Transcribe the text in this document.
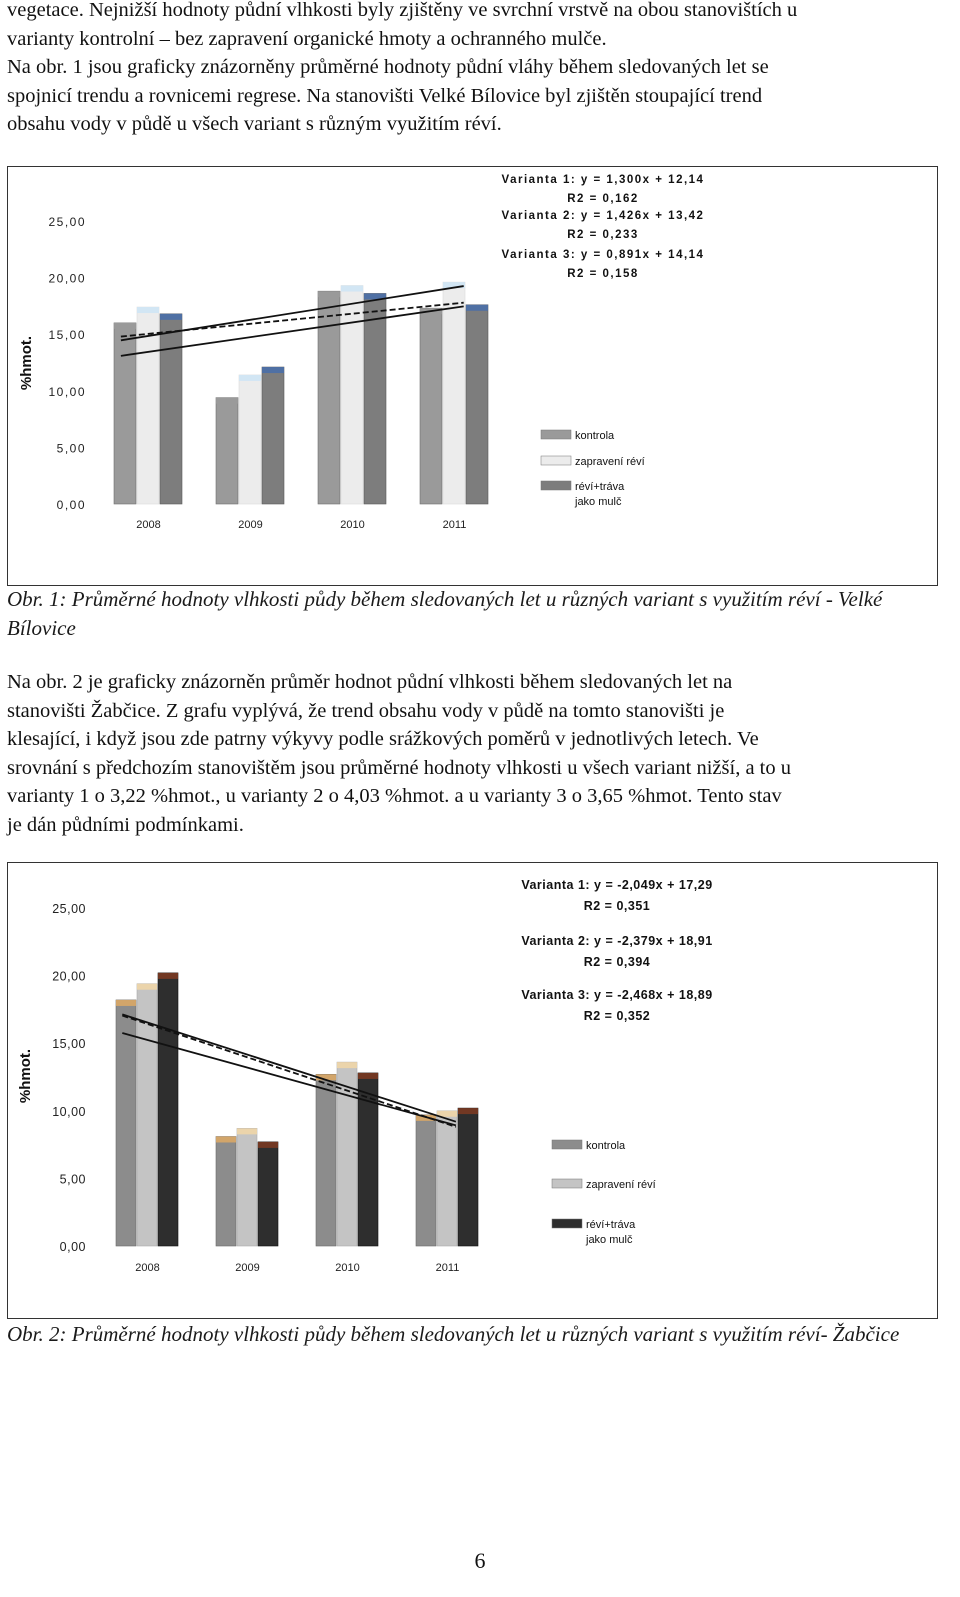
vegetace. Nejnižší hodnoty půdní vlhkosti byly zjištěny ve svrchní vrstvě na obou stanovištích u
varianty kontrolní – bez zapravení organické hmoty a ochranného mulče.
Na obr. 1 jsou graficky znázorněny průměrné hodnoty půdní vláhy během sledovaných let se
spojnicí trendu a rovnicemi regrese. Na stanovišti Velké Bílovice byl zjištěn stoupající trend
obsahu vody v půdě u všech variant s různým využitím réví.
0,00
5,00
10,00
15,00
20,00
25,00
%hmot.
2008	2009	2010	2011
Varianta 1: y = 1,300x + 12,14
R2 = 0,162
Varianta 2: y = 1,426x + 13,42
R2 = 0,233
Varianta 3: y = 0,891x + 14,14
R2 = 0,158
kontrola
zapravení réví
réví+tráva
jako mulč
Obr. 1: Průměrné hodnoty vlhkosti půdy během sledovaných let u různých variant s využitím réví - Velké Bílovice
Na obr. 2 je graficky znázorněn průměr hodnot půdní vlhkosti během sledovaných let na
stanovišti Žabčice. Z grafu vyplývá, že trend obsahu vody v půdě na tomto stanovišti je
klesající, i když jsou zde patrny výkyvy podle srážkových poměrů v jednotlivých letech. Ve
srovnání s předchozím stanovištěm jsou průměrné hodnoty vlhkosti u všech variant nižší, a to u
varianty 1 o 3,22 %hmot., u varianty 2 o 4,03 %hmot. a u varianty 3 o 3,65 %hmot. Tento stav
je dán půdními podmínkami.
0,00
5,00
10,00
15,00
20,00
25,00
%hmot.
2008	2009	2010	2011
Varianta 1: y = -2,049x + 17,29
R2 = 0,351
Varianta 2: y = -2,379x + 18,91
R2 = 0,394
Varianta 3: y = -2,468x + 18,89
R2 = 0,352
kontrola
zapravení réví
réví+tráva
jako mulč
Obr. 2: Průměrné hodnoty vlhkosti půdy během sledovaných let u různých variant s využitím réví- Žabčice
6
